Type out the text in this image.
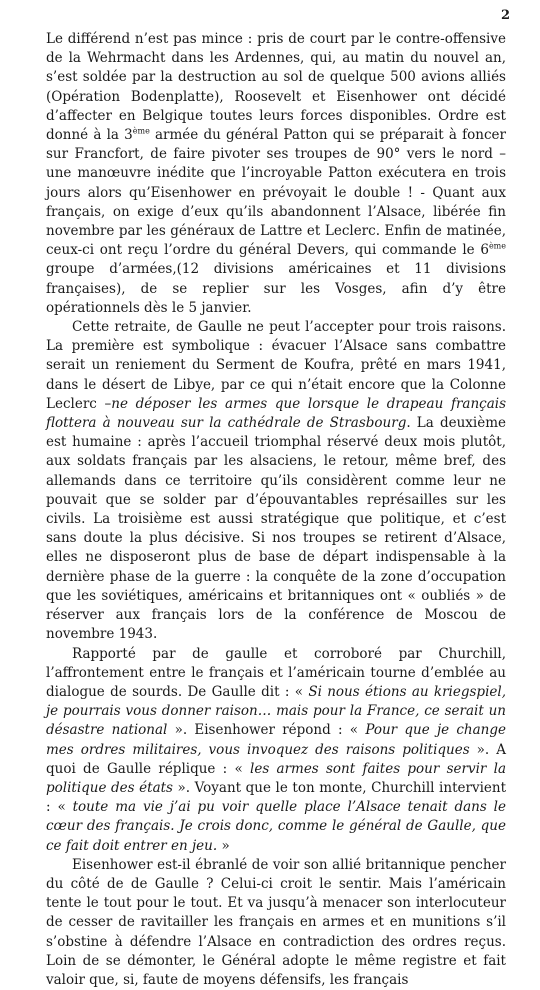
2

Le différend n’est pas mince : pris de court par le contre-offensive de la Wehrmacht dans les Ardennes, qui, au matin du nouvel an, s’est soldée par la destruction au sol de quelque 500 avions alliés (Opération Bodenplatte), Roosevelt et Eisenhower ont décidé d’affecter en Belgique toutes leurs forces disponibles. Ordre est donné à la 3ème armée du général Patton qui se préparait à foncer sur Francfort, de faire pivoter ses troupes de 90° vers le nord –une manœuvre inédite que l’incroyable Patton exécutera en trois jours alors qu’Eisenhower en prévoyait le double ! - Quant aux français, on exige d’eux qu’ils abandonnent l’Alsace, libérée fin novembre par les généraux de Lattre et Leclerc. Enfin de matinée, ceux-ci ont reçu l’ordre du général Devers, qui commande le 6ème groupe d’armées,(12 divisions américaines et 11 divisions françaises), de se replier sur les Vosges, afin d’y être opérationnels dès le 5 janvier.

Cette retraite, de Gaulle ne peut l’accepter pour trois raisons. La première est symbolique : évacuer l’Alsace sans combattre serait un reniement du Serment de Koufra, prêté en mars 1941, dans le désert de Libye, par ce qui n’était encore que la Colonne Leclerc –ne déposer les armes que lorsque le drapeau français flottera à nouveau sur la cathédrale de Strasbourg. La deuxième est humaine : après l’accueil triomphal réservé deux mois plutôt, aux soldats français par les alsaciens, le retour, même bref, des allemands dans ce territoire qu’ils considèrent comme leur ne pouvait que se solder par d’épouvantables représailles sur les civils. La troisième est aussi stratégique que politique, et c’est sans doute la plus décisive. Si nos troupes se retirent d’Alsace, elles ne disposeront plus de base de départ indispensable à la dernière phase de la guerre : la conquête de la zone d’occupation que les soviétiques, américains et britanniques ont « oubliés » de réserver aux français lors de la conférence de Moscou de novembre 1943.

Rapporté par de gaulle et corroboré par Churchill, l’affrontement entre le français et l’américain tourne d’emblée au dialogue de sourds. De Gaulle dit : « Si nous étions au kriegspiel, je pourrais vous donner raison… mais pour la France, ce serait un désastre national ». Eisenhower répond : « Pour que je change mes ordres militaires, vous invoquez des raisons politiques ». A quoi de Gaulle réplique : « les armes sont faites pour servir la politique des états ». Voyant que le ton monte, Churchill intervient : « toute ma vie j’ai pu voir quelle place l’Alsace tenait dans le cœur des français. Je crois donc, comme le général de Gaulle, que ce fait doit entrer en jeu. »

Eisenhower est-il ébranlé de voir son allié britannique pencher du côté de de Gaulle ? Celui-ci croit le sentir. Mais l’américain tente le tout pour le tout. Et va jusqu’à menacer son interlocuteur de cesser de ravitailler les français en armes et en munitions s’il s’obstine à défendre l’Alsace en contradiction des ordres reçus. Loin de se démonter, le Général adopte le même registre et fait valoir que, si, faute de moyens défensifs, les français
